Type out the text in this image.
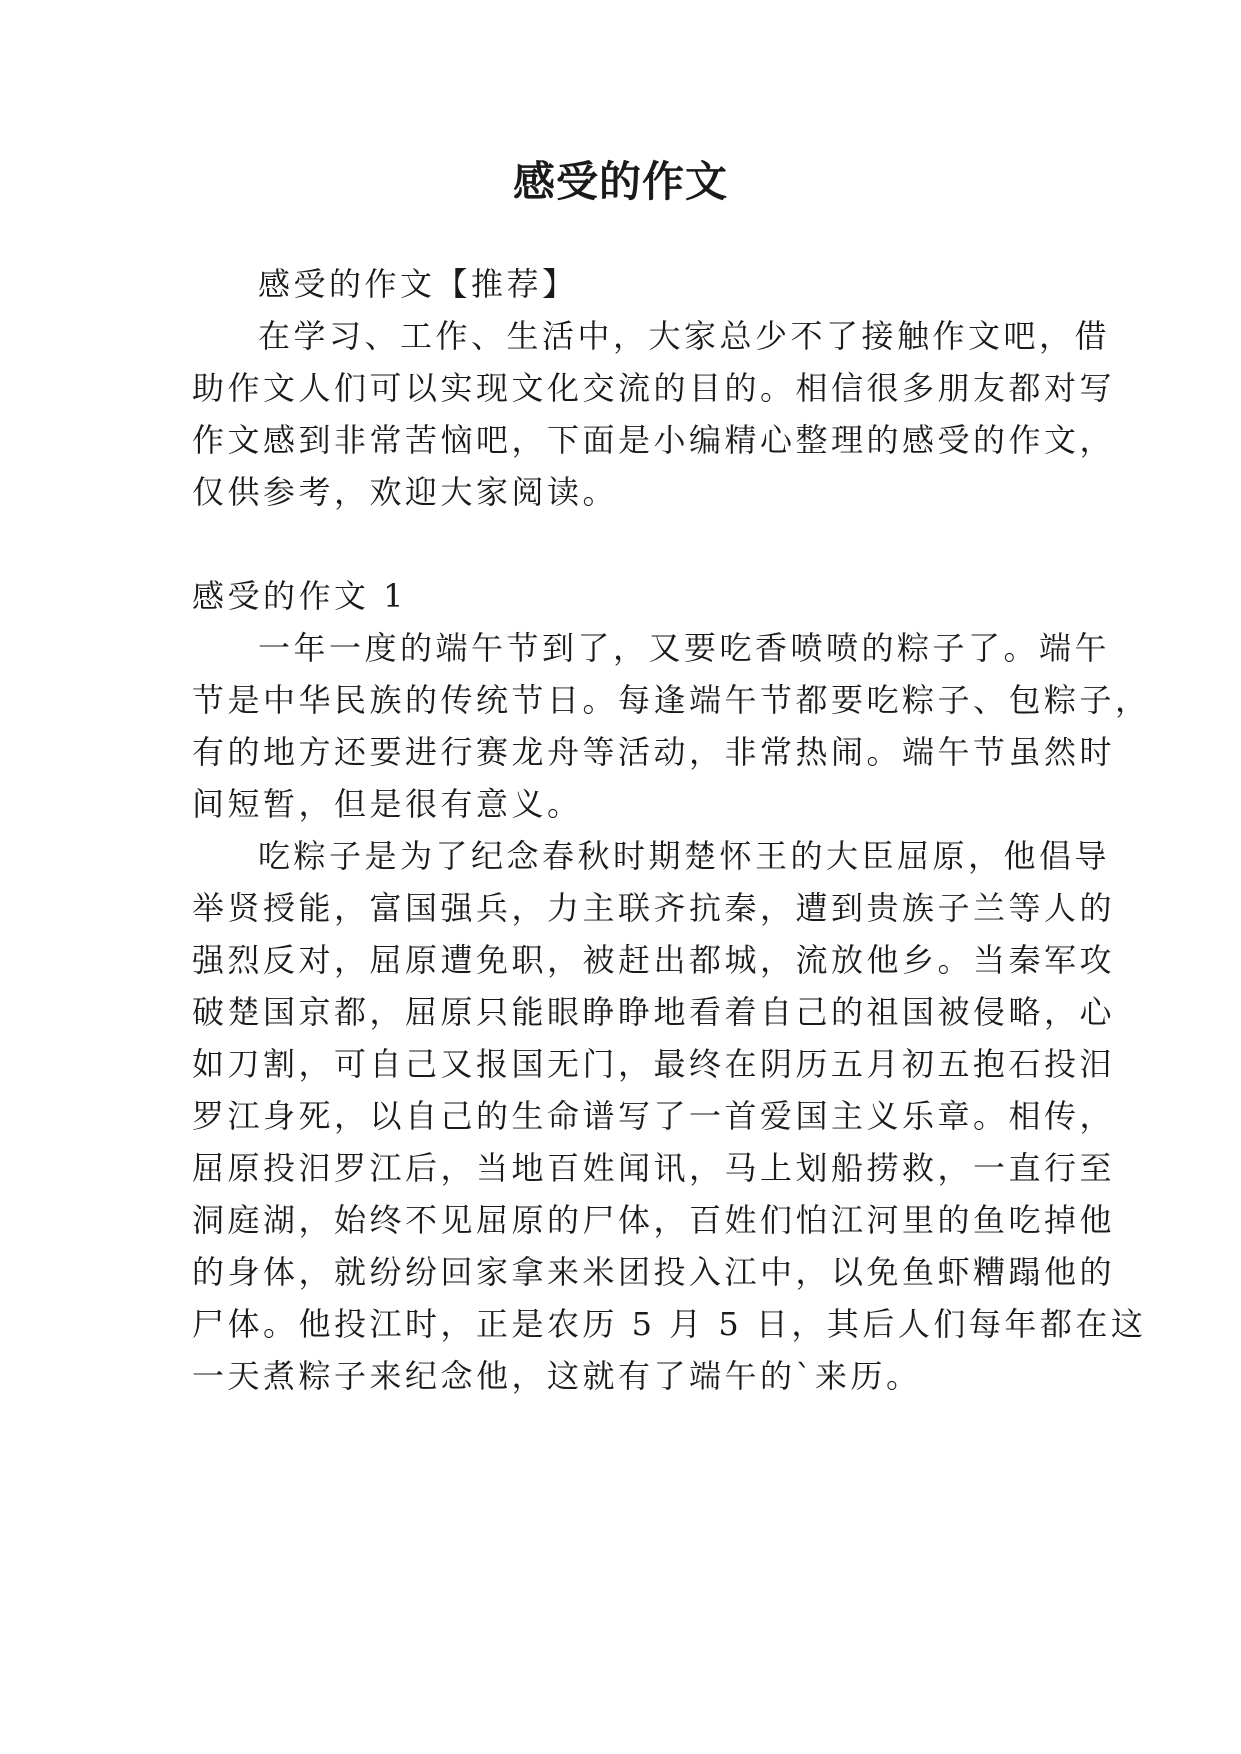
感受的作文
感受的作文【推荐】
在学习、工作、生活中，大家总少不了接触作文吧，借
助作文人们可以实现文化交流的目的。相信很多朋友都对写
作文感到非常苦恼吧，下面是小编精心整理的感受的作文，
仅供参考，欢迎大家阅读。
感受的作文 1
一年一度的端午节到了，又要吃香喷喷的粽子了。端午
节是中华民族的传统节日。每逢端午节都要吃粽子、包粽子，
有的地方还要进行赛龙舟等活动，非常热闹。端午节虽然时
间短暂，但是很有意义。
吃粽子是为了纪念春秋时期楚怀王的大臣屈原，他倡导
举贤授能，富国强兵，力主联齐抗秦，遭到贵族子兰等人的
强烈反对，屈原遭免职，被赶出都城，流放他乡。当秦军攻
破楚国京都，屈原只能眼睁睁地看着自己的祖国被侵略，心
如刀割，可自己又报国无门，最终在阴历五月初五抱石投汨
罗江身死，以自己的生命谱写了一首爱国主义乐章。相传，
屈原投汨罗江后，当地百姓闻讯，马上划船捞救，一直行至
洞庭湖，始终不见屈原的尸体，百姓们怕江河里的鱼吃掉他
的身体，就纷纷回家拿来米团投入江中，以免鱼虾糟蹋他的
尸体。他投江时，正是农历 5 月 5 日，其后人们每年都在这
一天煮粽子来纪念他，这就有了端午的`来历。
